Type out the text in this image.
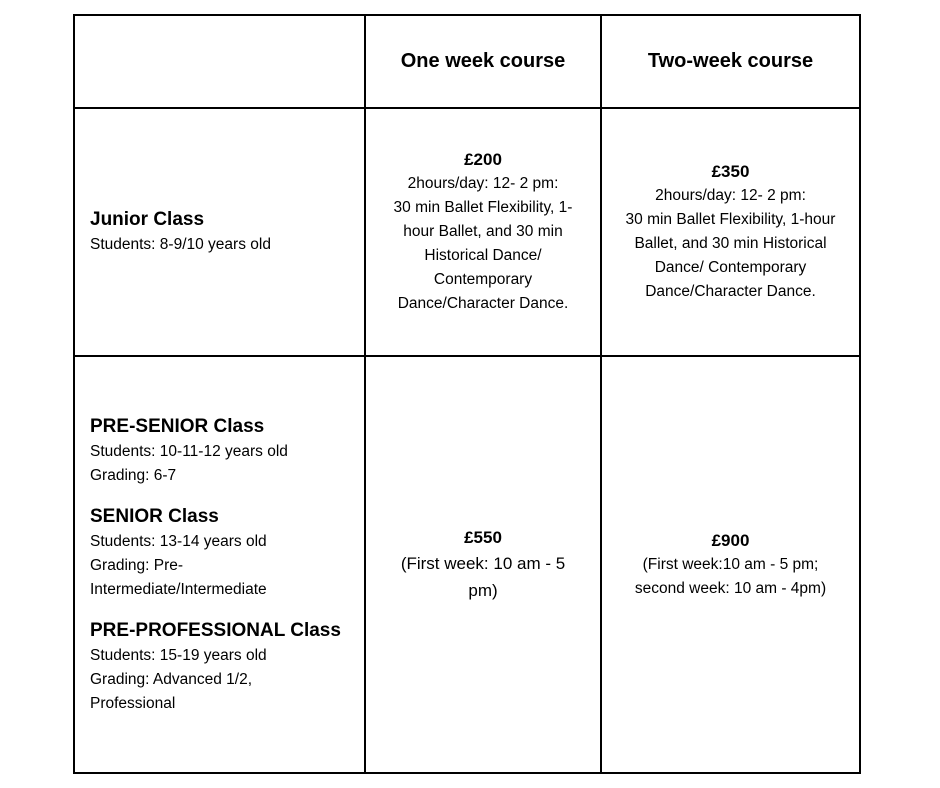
One week course	Two-week course
Junior Class
Students: 8-9/10 years old
£200
2hours/day: 12- 2 pm:
30 min Ballet Flexibility, 1-hour Ballet, and 30 min Historical Dance/ Contemporary Dance/Character Dance.
£350
2hours/day: 12- 2 pm:
30 min Ballet Flexibility, 1-hour Ballet, and 30 min Historical Dance/ Contemporary Dance/Character Dance.
PRE-SENIOR Class
Students: 10-11-12 years old
Grading: 6-7
SENIOR Class
Students: 13-14 years old
Grading: Pre-Intermediate/Intermediate
PRE-PROFESSIONAL Class
Students: 15-19 years old
Grading: Advanced 1/2, Professional
£550
(First week: 10 am - 5 pm)
£900
(First week:10 am - 5 pm;
second week: 10 am - 4pm)
